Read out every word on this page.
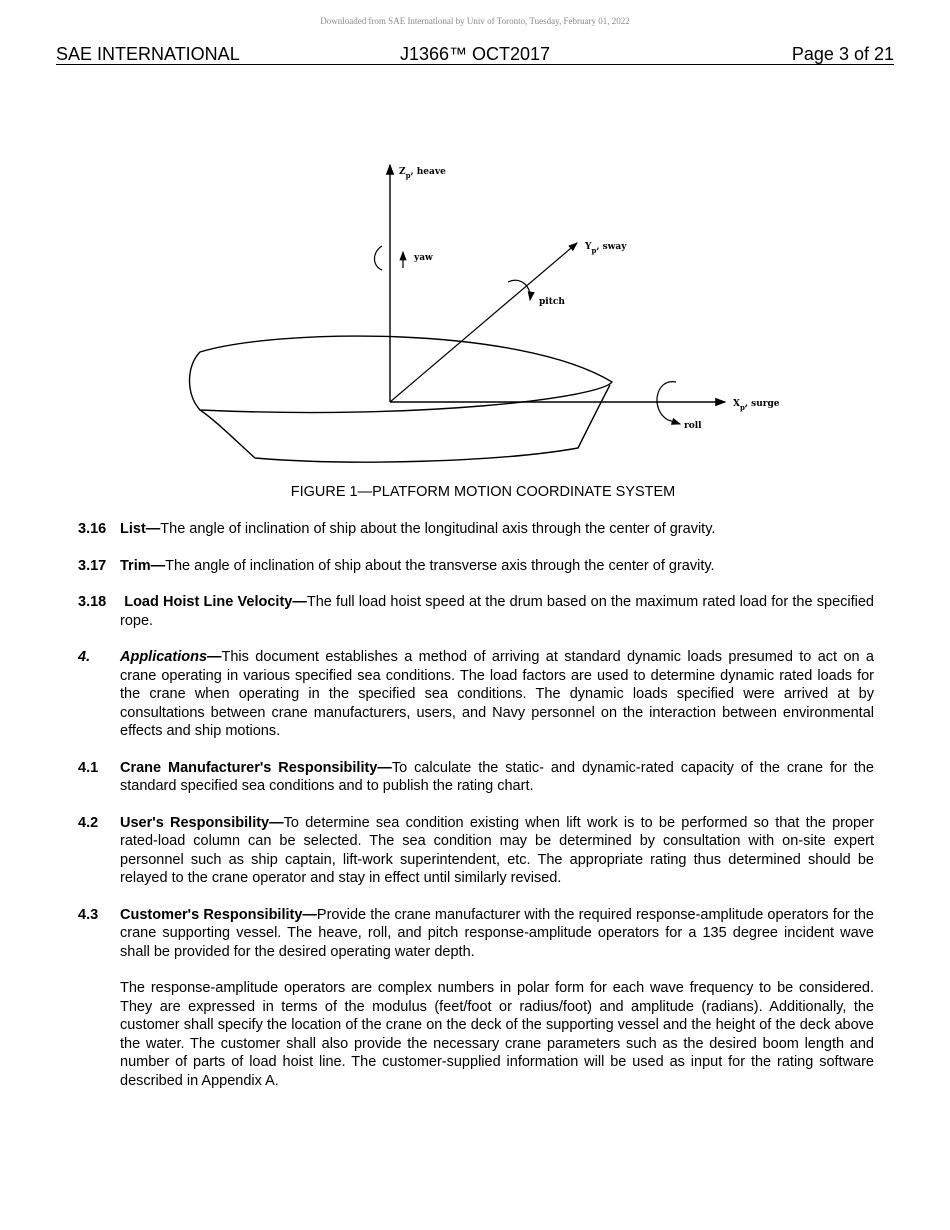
Downloaded from SAE International by Univ of Toronto, Tuesday, February 01, 2022
SAE INTERNATIONAL	J1366™ OCT2017	Page 3 of 21
$Z_p$, heave
yaw
$Y_p$, sway
pitch
$X_p$, surge
roll
FIGURE 1—PLATFORM MOTION COORDINATE SYSTEM
3.16 List—The angle of inclination of ship about the longitudinal axis through the center of gravity.
3.17 Trim—The angle of inclination of ship about the transverse axis through the center of gravity.
3.18 Load Hoist Line Velocity—The full load hoist speed at the drum based on the maximum rated load for the specified rope.
4. Applications—This document establishes a method of arriving at standard dynamic loads presumed to act on a crane operating in various specified sea conditions. The load factors are used to determine dynamic rated loads for the crane when operating in the specified sea conditions. The dynamic loads specified were arrived at by consultations between crane manufacturers, users, and Navy personnel on the interaction between environmental effects and ship motions.
4.1 Crane Manufacturer's Responsibility—To calculate the static- and dynamic-rated capacity of the crane for the standard specified sea conditions and to publish the rating chart.
4.2 User's Responsibility—To determine sea condition existing when lift work is to be performed so that the proper rated-load column can be selected. The sea condition may be determined by consultation with on-site expert personnel such as ship captain, lift-work superintendent, etc. The appropriate rating thus determined should be relayed to the crane operator and stay in effect until similarly revised.
4.3 Customer's Responsibility—Provide the crane manufacturer with the required response-amplitude operators for the crane supporting vessel. The heave, roll, and pitch response-amplitude operators for a 135 degree incident wave shall be provided for the desired operating water depth.

The response-amplitude operators are complex numbers in polar form for each wave frequency to be considered. They are expressed in terms of the modulus (feet/foot or radius/foot) and amplitude (radians). Additionally, the customer shall specify the location of the crane on the deck of the supporting vessel and the height of the deck above the water. The customer shall also provide the necessary crane parameters such as the desired boom length and number of parts of load hoist line. The customer-supplied information will be used as input for the rating software described in Appendix A.
